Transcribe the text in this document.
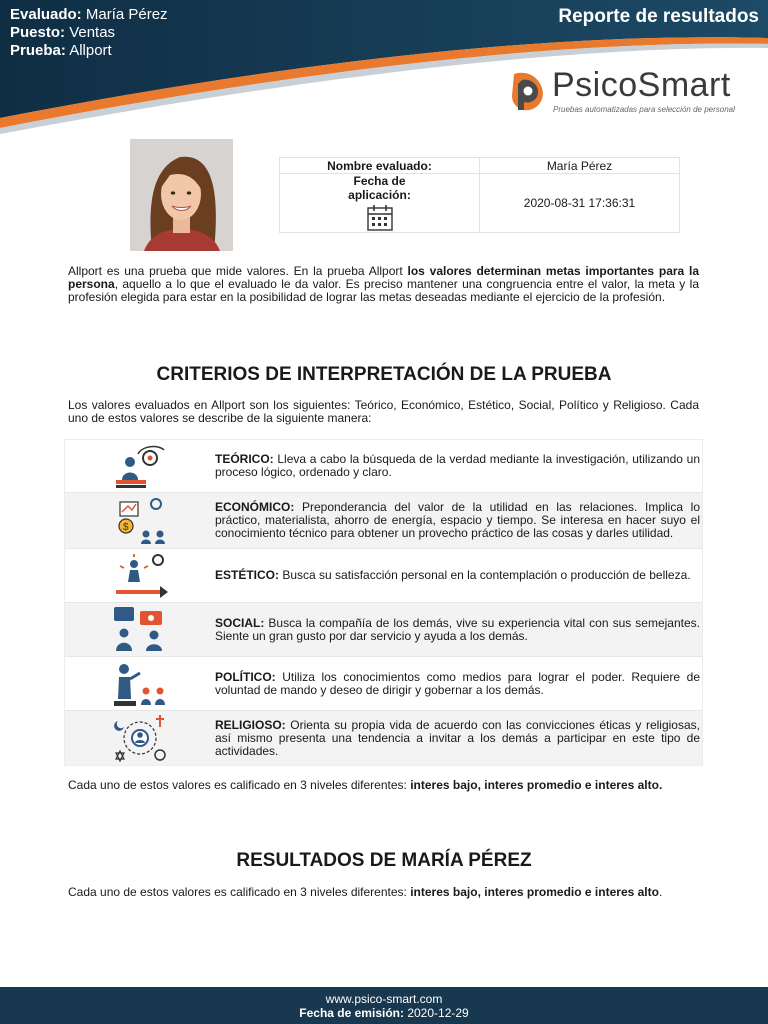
Evaluado: María Pérez
Puesto: Ventas
Prueba: Allport
Reporte de resultados
PsicoSmart
Pruebas automatizadas para selección de personal
Nombre evaluado:	María Pérez

Fecha de
aplicación:	2020-08-31 17:36:31

Allport es una prueba que mide valores. En la prueba Allport los valores determinan metas importantes para la persona, aquello a lo que el evaluado le da valor. Es preciso mantener una congruencia entre el valor, la meta y la profesión elegida para estar en la posibilidad de lograr las metas deseadas mediante el ejercicio de la profesión.

CRITERIOS DE INTERPRETACIÓN DE LA PRUEBA

Los valores evaluados en Allport son los siguientes: Teórico, Económico, Estético, Social, Político y Religioso. Cada uno de estos valores se describe de la siguiente manera:

TEÓRICO: Lleva a cabo la búsqueda de la verdad mediante la investigación, utilizando un proceso lógico, ordenado y claro.
$
ECONÓMICO: Preponderancia del valor de la utilidad en las relaciones. Implica lo práctico, materialista, ahorro de energía, espacio y tiempo. Se interesa en hacer suyo el conocimiento técnico para obtener un provecho práctico de las cosas y darles utilidad.
ESTÉTICO: Busca su satisfacción personal en la contemplación o producción de belleza.
SOCIAL: Busca la compañía de los demás, vive su experiencia vital con sus semejantes. Siente un gran gusto por dar servicio y ayuda a los demás.
POLÍTICO: Utiliza los conocimientos como medios para lograr el poder. Requiere de voluntad de mando y deseo de dirigir y gobernar a los demás.
RELIGIOSO: Orienta su propia vida de acuerdo con las convicciones éticas y religiosas, así mismo presenta una tendencia a invitar a los demás a participar en este tipo de actividades.

Cada uno de estos valores es calificado en 3 niveles diferentes: interes bajo, interes promedio e interes alto.

RESULTADOS DE MARÍA PÉREZ

Cada uno de estos valores es calificado en 3 niveles diferentes: interes bajo, interes promedio e interes alto.

www.psico-smart.com
Fecha de emisión: 2020-12-29
